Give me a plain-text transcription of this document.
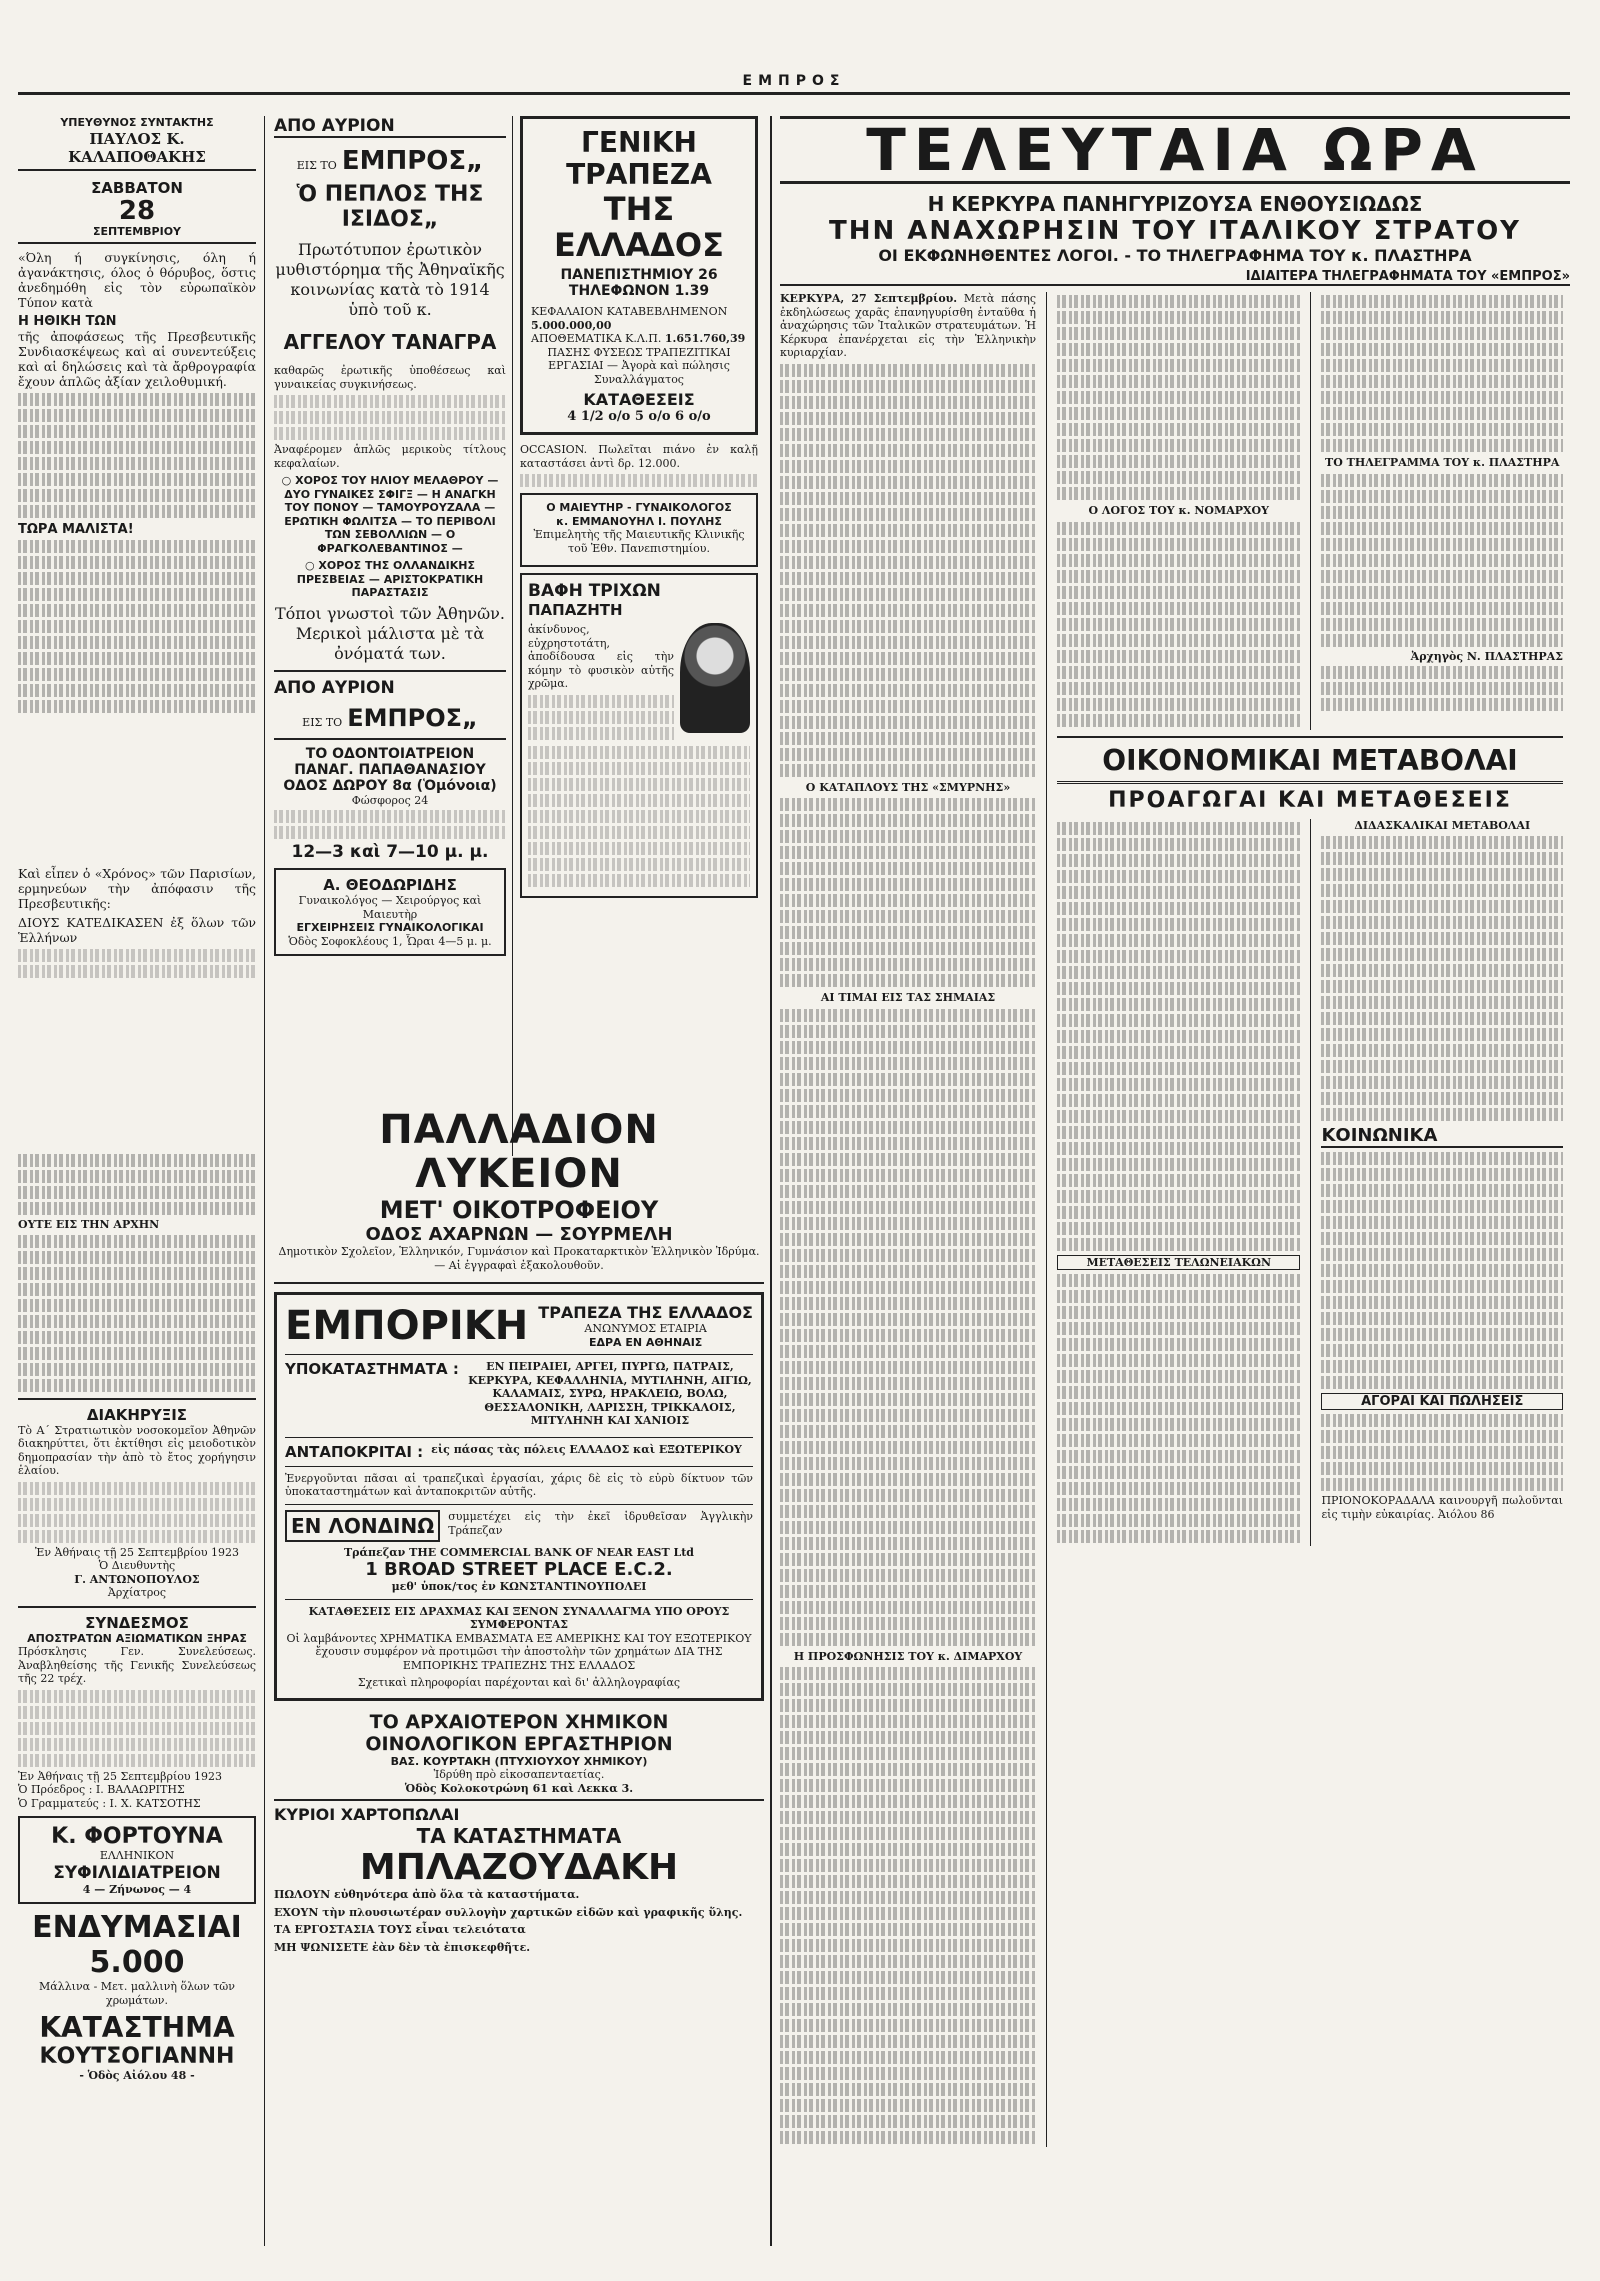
ΕΜΠΡΟΣ
ΥΠΕΥΘΥΝΟΣ ΣΥΝΤΑΚΤΗΣ
ΠΑΥΛΟΣ Κ. ΚΑΛΑΠΟΘΑΚΗΣ
ΣΑΒΒΑΤΟΝ
28
ΣΕΠΤΕΜΒΡΙΟΥ

«Όλη ή συγκίνησις, όλη ή ἀγανάκτησις, όλος ὁ θόρυβος, ὅστις ἀνεδημόθη εἰς τὸν εὐρωπαϊκὸν Τύπον κατὰ

Η ΗΘΙΚΗ ΤΩΝ

τῆς ἀποφάσεως τῆς Πρεσβευτικῆς Συνδιασκέψεως καὶ αἱ συνεντεύξεις καὶ αἱ δηλώσεις καὶ τὰ ἄρθρογραφία ἔχουν ἁπλῶς ἀξίαν χειλοθυμική.

ΤΩΡΑ ΜΑΛΙΣΤΑ!

Καὶ εἶπεν ὁ «Χρόνος» τῶν Παρισίων, ερμηνεύων τὴν ἀπόφασιν τῆς Πρεσβευτικῆς:

ΔΙΟΥΣ ΚΑΤΕΔΙΚΑΣΕΝ ἐξ ὅλων τῶν Ἑλλήνων

ΟΥΤΕ ΕΙΣ ΤΗΝ ΑΡΧΗΝ
ΔΙΑΚΗΡΥΞΙΣ

Τὸ Α΄ Στρατιωτικὸν νοσοκομεῖον Ἀθηνῶν διακηρύττει, ὅτι ἐκτίθησι εἰς μειοδοτικὸν δημοπρασίαν τὴν ἀπὸ τὸ ἔτος χορήγησιν ἑλαίου.

Ἐν Ἀθήναις τῇ 25 Σεπτεμβρίου 1923
Ὁ Διευθυντὴς
Γ. ΑΝΤΩΝΟΠΟΥΛΟΣ
Ἀρχίατρος
ΣΥΝΔΕΣΜΟΣ
ΑΠΟΣΤΡΑΤΩΝ ΑΞΙΩΜΑΤΙΚΩΝ ΞΗΡΑΣ

Πρόσκλησις Γεν. Συνελεύσεως. Ἀναβληθείσης τῆς Γενικῆς Συνελεύσεως τῆς 22 τρέχ.

Ἐν Ἀθήναις τῇ 25 Σεπτεμβρίου 1923
Ὁ Πρόεδρος : Ι. ΒΑΛΑΩΡΙΤΗΣ
Ὁ Γραμματεύς : Ι. Χ. ΚΑΤΣΟΤΗΣ
Κ. ΦΟΡΤΟΥΝΑ
ΕΛΛΗΝΙΚΟΝ
ΣΥΦΙΛΙΔΙΑΤΡΕΙΟΝ
4 — Ζήνωνος — 4
ΕΝΔΥΜΑΣΙΑΙ
5.000

Μάλλινα - Μετ. μαλλινὴ ὅλων τῶν χρωμάτων.

ΚΑΤΑΣΤΗΜΑ
ΚΟΥΤΣΟΓΙΑΝΝΗ
- Ὁδὸς Αἰόλου 48 -
ΑΠΟ ΑΥΡΙΟΝ
ΕΙΣ ΤΟ ΕΜΠΡΟΣ„
Ὁ ΠΕΠΛΟΣ ΤΗΣ ΙΣΙΔΟΣ„

Πρωτότυπον ἐρωτικὸν μυθιστόρημα τῆς Ἀθηναϊκῆς κοινωνίας κατὰ τὸ 1914 ὑπὸ τοῦ κ.

ΑΓΓΕΛΟΥ ΤΑΝΑΓΡΑ

καθαρῶς ἐρωτικῆς ὑποθέσεως καὶ γυναικείας συγκινήσεως.

Ἀναφέρομεν ἁπλῶς μερικοὺς τίτλους κεφαλαίων.

○ ΧΟΡΟΣ ΤΟΥ ΗΛΙΟΥ ΜΕΛΑΘΡΟΥ — ΔΥΟ ΓΥΝΑΙΚΕΣ ΣΦΙΓΞ — Η ΑΝΑΓΚΗ ΤΟΥ ΠΟΝΟΥ — ΤΑΜΟΥΡΟΥΖΑΛΑ — ΕΡΩΤΙΚΗ ΦΩΛΙΤΣΑ — ΤΟ ΠΕΡΙΒΟΛΙ ΤΩΝ ΣΕΒΟΛΛΙΩΝ — Ο ΦΡΑΓΚΟΛΕΒΑΝΤΙΝΟΣ —

○ ΧΟΡΟΣ ΤΗΣ ΟΛΛΑΝΔΙΚΗΣ ΠΡΕΣΒΕΙΑΣ — ΑΡΙΣΤΟΚΡΑΤΙΚΗ ΠΑΡΑΣΤΑΣΙΣ

Τόποι γνωστοὶ τῶν Ἀθηνῶν. Μερικοὶ μάλιστα μὲ τὰ ὀνόματά των.

ΑΠΟ ΑΥΡΙΟΝ
ΕΙΣ ΤΟ ΕΜΠΡΟΣ„
ΤΟ ΟΔΟΝΤΟΙΑΤΡΕΙΟΝ
ΠΑΝΑΓ. ΠΑΠΑΘΑΝΑΣΙΟΥ
ΟΔΟΣ ΔΩΡΟΥ 8α (Ὁμόνοια)
Φώσφορος 24
12—3 καὶ 7—10 μ. μ.
Α. ΘΕΟΔΩΡΙΔΗΣ
Γυναικολόγος — Χειρούργος καὶ Μαιευτὴρ
ΕΓΧΕΙΡΗΣΕΙΣ ΓΥΝΑΙΚΟΛΟΓΙΚΑΙ
Ὁδὸς Σοφοκλέους 1, Ὧραι 4—5 μ. μ.
ΓΕΝΙΚΗ ΤΡΑΠΕΖΑ
ΤΗΣ ΕΛΛΑΔΟΣ
ΠΑΝΕΠΙΣΤΗΜΙΟΥ 26
ΤΗΛΕΦΩΝΟΝ 1.39
ΚΕΦΑΛΑΙΟΝ ΚΑΤΑΒΕΒΛΗΜΕΝΟΝ 5.000.000,00
ΑΠΟΘΕΜΑΤΙΚΑ Κ.Λ.Π. 1.651.760,39

ΠΑΣΗΣ ΦΥΣΕΩΣ ΤΡΑΠΕΖΙΤΙΚΑΙ ΕΡΓΑΣΙΑΙ — Ἀγορὰ καὶ πώλησις Συναλλάγματος

ΚΑΤΑΘΕΣΕΙΣ
4 1/2 ο/ο 5 ο/ο 6 ο/ο

OCCASION. Πωλεῖται πιάνο ἐν καλῇ καταστάσει ἀντὶ δρ. 12.000.

Ο ΜΑΙΕΥΤΗΡ - ΓΥΝΑΙΚΟΛΟΓΟΣ
κ. ΕΜΜΑΝΟΥΗΛ Ι. ΠΟΥΛΗΣ

Ἐπιμελητὴς τῆς Μαιευτικῆς Κλινικῆς τοῦ Ἐθν. Πανεπιστημίου.

ΒΑΦΗ ΤΡΙΧΩΝ
ΠΑΠΑΖΗΤΗ

ἀκίνδυνος, εὐχρηστοτάτη, ἀποδίδουσα εἰς τὴν κόμην τὸ φυσικὸν αὐτῆς χρῶμα.

ΠΑΛΛΑΔΙΟΝ ΛΥΚΕΙΟΝ
ΜΕΤ' ΟΙΚΟΤΡΟΦΕΙΟΥ
ΟΔΟΣ ΑΧΑΡΝΩΝ — ΣΟΥΡΜΕΛΗ

Δημοτικὸν Σχολεῖον, Ἑλληνικόν, Γυμνάσιον καὶ Προκαταρκτικὸν Ἑλληνικὸν Ἰδρύμα. — Αἱ ἐγγραφαὶ ἐξακολουθοῦν.

ΕΜΠΟΡΙΚΗ ΤΡΑΠΕΖΑ ΤΗΣ ΕΛΛΑΔΟΣ
ΑΝΩΝΥΜΟΣ ΕΤΑΙΡΙΑ
ΕΔΡΑ ΕΝ ΑΘΗΝΑΙΣ
ΥΠΟΚΑΤΑΣΤΗΜΑΤΑ :	ΕΝ ΠΕΙΡΑΙΕΙ, ΑΡΓΕΙ, ΠΥΡΓΩ, ΠΑΤΡΑΙΣ, ΚΕΡΚΥΡΑ, ΚΕΦΑΛΛΗΝΙΑ, ΜΥΤΙΛΗΝΗ, ΑΙΓΙΩ, ΚΑΛΑΜΑΙΣ, ΣΥΡΩ, ΗΡΑΚΛΕΙΩ, ΒΟΛΩ, ΘΕΣΣΑΛΟΝΙΚΗ, ΛΑΡΙΣΣΗ, ΤΡΙΚΚΑΛΟΙΣ, ΜΙΤΥΛΗΝΗ ΚΑΙ ΧΑΝΙΟΙΣ

ΑΝΤΑΠΟΚΡΙΤΑΙ : εἰς πάσας τὰς πόλεις ΕΛΛΑΔΟΣ καὶ ΕΞΩΤΕΡΙΚΟΥ

Ἐνεργοῦνται πᾶσαι αἱ τραπεζικαὶ ἐργασίαι, χάρις δὲ εἰς τὸ εὐρὺ δίκτυον τῶν ὑποκαταστημάτων καὶ ἀνταποκριτῶν αὐτῆς.

ΕΝ ΛΟΝΔΙΝΩ	συμμετέχει εἰς τὴν ἐκεῖ ἱδρυθεῖσαν Ἀγγλικὴν Τράπεζαν

Τράπεζαν THE COMMERCIAL BANK OF NEAR EAST Ltd
1 BROAD STREET PLACE E.C.2.
μεθ' ὑποκ/τος ἐν ΚΩΝΣΤΑΝΤΙΝΟΥΠΟΛΕΙ
ΚΑΤΑΘΕΣΕΙΣ ΕΙΣ ΔΡΑΧΜΑΣ ΚΑΙ ΞΕΝΟΝ ΣΥΝΑΛΛΑΓΜΑ ΥΠΟ ΟΡΟΥΣ ΣΥΜΦΕΡΟΝΤΑΣ

Οἱ λαμβάνοντες ΧΡΗΜΑΤΙΚΑ ΕΜΒΑΣΜΑΤΑ ΕΞ ΑΜΕΡΙΚΗΣ ΚΑΙ ΤΟΥ ΕΞΩΤΕΡΙΚΟΥ ἔχουσιν συμφέρον νὰ προτιμῶσι τὴν ἀποστολὴν τῶν χρημάτων ΔΙΑ ΤΗΣ ΕΜΠΟΡΙΚΗΣ ΤΡΑΠΕΖΗΣ ΤΗΣ ΕΛΛΑΔΟΣ

Σχετικαὶ πληροφορίαι παρέχονται καὶ δι' ἀλληλογραφίας
ΤΟ ΑΡΧΑΙΟΤΕΡΟΝ ΧΗΜΙΚΟΝ
ΟΙΝΟΛΟΓΙΚΟΝ ΕΡΓΑΣΤΗΡΙΟΝ
ΒΑΣ. ΚΟΥΡΤΑΚΗ (ΠΤΥΧΙΟΥΧΟΥ ΧΗΜΙΚΟΥ)
Ἱδρύθη πρὸ εἰκοσαπενταετίας.
Ὁδὸς Κολοκοτρώνη 61 καὶ Λεκκα 3.
ΚΥΡΙΟΙ ΧΑΡΤΟΠΩΛΑΙ
ΤΑ ΚΑΤΑΣΤΗΜΑΤΑ
ΜΠΛΑΖΟΥΔΑΚΗ

ΠΩΛΟΥΝ εὐθηνότερα ἀπὸ ὅλα τὰ καταστήματα.

ΕΧΟΥΝ τὴν πλουσιωτέραν συλλογὴν χαρτικῶν εἰδῶν καὶ γραφικῆς ὕλης.

ΤΑ ΕΡΓΟΣΤΑΣΙΑ ΤΟΥΣ εἶναι τελειότατα

ΜΗ ΨΩΝΙΣΕΤΕ ἐὰν δὲν τὰ ἐπισκεφθῆτε.

ΤΕΛΕΥΤΑΙΑ ΩΡΑ
Η ΚΕΡΚΥΡΑ ΠΑΝΗΓΥΡΙΖΟΥΣΑ ΕΝΘΟΥΣΙΩΔΩΣ
ΤΗΝ ΑΝΑΧΩΡΗΣΙΝ ΤΟΥ ΙΤΑΛΙΚΟΥ ΣΤΡΑΤΟΥ
ΟΙ ΕΚΦΩΝΗΘΕΝΤΕΣ ΛΟΓΟΙ. - ΤΟ ΤΗΛΕΓΡΑΦΗΜΑ ΤΟΥ κ. ΠΛΑΣΤΗΡΑ
ΙΔΙΑΙΤΕΡΑ ΤΗΛΕΓΡΑΦΗΜΑΤΑ ΤΟΥ «ΕΜΠΡΟΣ»

ΚΕΡΚΥΡΑ, 27 Σεπτεμβρίου. Μετὰ πάσης ἐκδηλώσεως χαρᾶς ἐπανηγυρίσθη ἐνταῦθα ἡ ἀναχώρησις τῶν Ἰταλικῶν στρατευμάτων. Ἡ Κέρκυρα ἐπανέρχεται εἰς τὴν Ἑλληνικὴν κυριαρχίαν.

Ο ΚΑΤΑΠΛΟΥΣ ΤΗΣ «ΣΜΥΡΝΗΣ»
ΑΙ ΤΙΜΑΙ ΕΙΣ ΤΑΣ ΣΗΜΑΙΑΣ
Η ΠΡΟΣΦΩΝΗΣΙΣ ΤΟΥ κ. ΔΙΜΑΡΧΟΥ
Ο ΛΟΓΟΣ ΤΟΥ κ. ΝΟΜΑΡΧΟΥ
ΤΟ ΤΗΛΕΓΡΑΜΜΑ ΤΟΥ κ. ΠΛΑΣΤΗΡΑ
Ἀρχηγὸς Ν. ΠΛΑΣΤΗΡΑΣ
ΟΙΚΟΝΟΜΙΚΑΙ ΜΕΤΑΒΟΛΑΙ
ΠΡΟΑΓΩΓΑΙ ΚΑΙ ΜΕΤΑΘΕΣΕΙΣ
ΜΕΤΑΘΕΣΕΙΣ ΤΕΛΩΝΕΙΑΚΩΝ
ΔΙΔΑΣΚΑΛΙΚΑΙ ΜΕΤΑΒΟΛΑΙ
ΚΟΙΝΩΝΙΚΑ
ΑΓΟΡΑΙ ΚΑΙ ΠΩΛΗΣΕΙΣ

ΠΡΙΟΝΟΚΟΡΑΔΑΛΑ καινουργῆ πωλοῦνται εἰς τιμὴν εὐκαιρίας. Ἀιόλου 86
